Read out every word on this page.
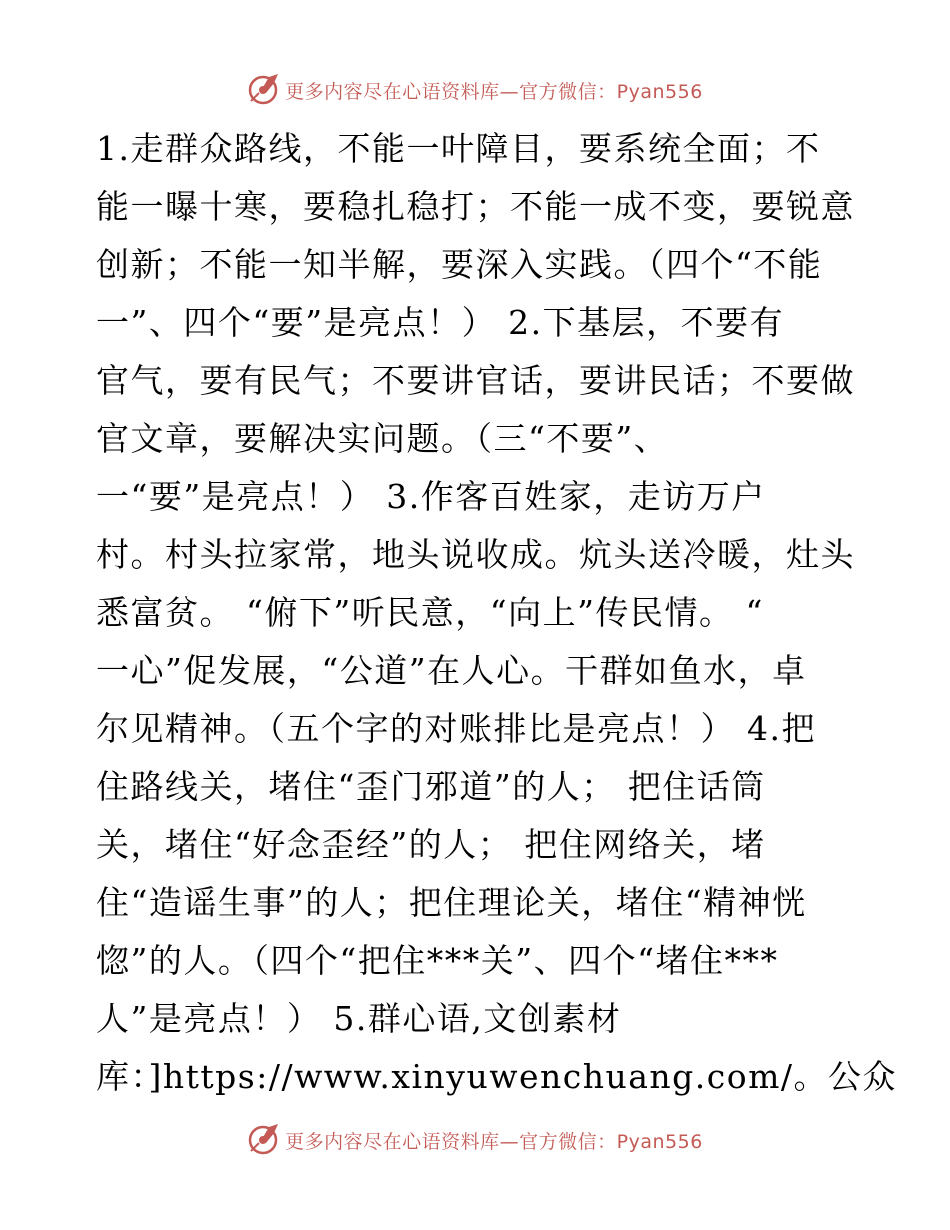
更多内容尽在心语资料库—官方微信：Pyan556
1.走群众路线，不能一叶障目，要系统全面；不
能一曝十寒，要稳扎稳打；不能一成不变，要锐意
创新；不能一知半解，要深入实践。（四个“不能
一”、四个“要”是亮点！） 2.下基层，不要有
官气，要有民气；不要讲官话，要讲民话；不要做
官文章，要解决实问题。（三“不要”、
一“要”是亮点！） 3.作客百姓家，走访万户
村。村头拉家常，地头说收成。炕头送冷暖，灶头
悉富贫。 “俯下”听民意，“向上”传民情。 “
一心”促发展，“公道”在人心。干群如鱼水，卓
尔见精神。（五个字的对账排比是亮点！） 4.把
住路线关，堵住“歪门邪道”的人； 把住话筒
关，堵住“好念歪经”的人； 把住网络关，堵
住“造谣生事”的人；把住理论关，堵住“精神恍
惚”的人。（四个“把住***关”、四个“堵住***
人”是亮点！） 5.群心语,文创素材
库：]https://www.xinyuwenchuang.com/。公众
更多内容尽在心语资料库—官方微信：Pyan556
